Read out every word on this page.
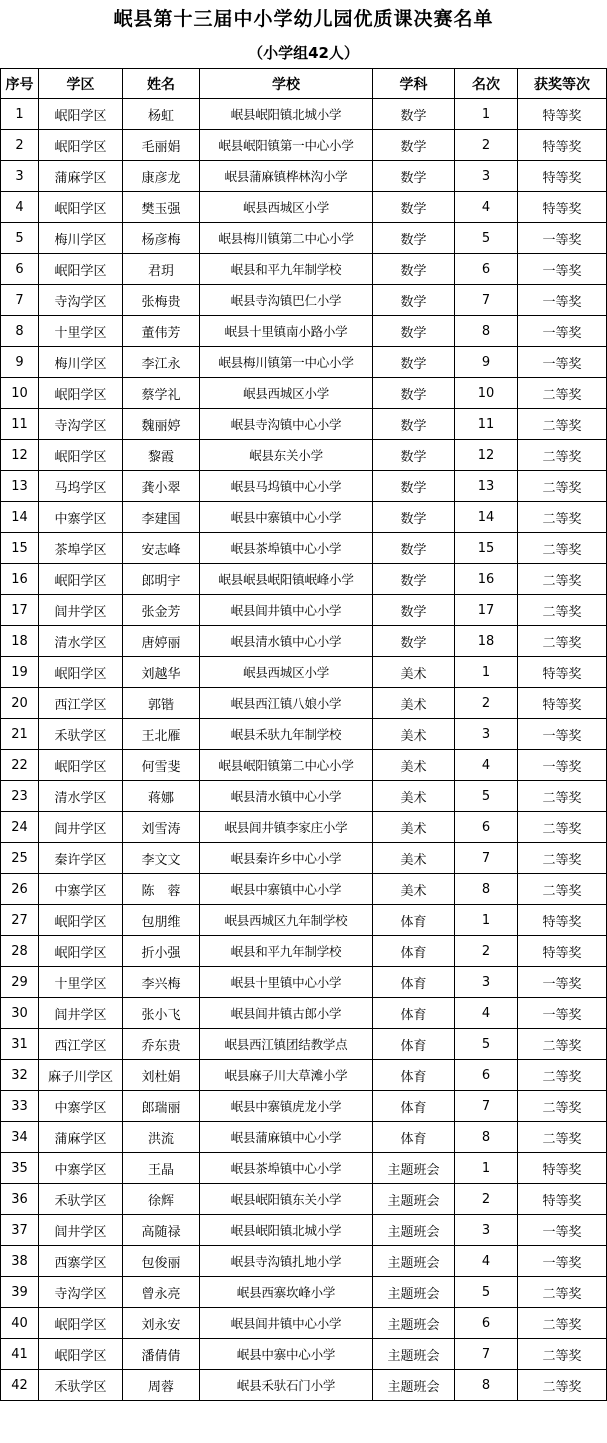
岷县第十三届中小学幼儿园优质课决赛名单
（小学组42人）
序号	学区	姓名	学校	学科	名次	获奖等次
1	岷阳学区	杨虹	岷县岷阳镇北城小学	数学	1	特等奖
2	岷阳学区	毛丽娟	岷县岷阳镇第一中心小学	数学	2	特等奖
3	蒲麻学区	康彦龙	岷县蒲麻镇桦林沟小学	数学	3	特等奖
4	岷阳学区	樊玉强	岷县西城区小学	数学	4	特等奖
5	梅川学区	杨彦梅	岷县梅川镇第二中心小学	数学	5	一等奖
6	岷阳学区	君玥	岷县和平九年制学校	数学	6	一等奖
7	寺沟学区	张梅贵	岷县寺沟镇巴仁小学	数学	7	一等奖
8	十里学区	董伟芳	岷县十里镇南小路小学	数学	8	一等奖
9	梅川学区	李江永	岷县梅川镇第一中心小学	数学	9	一等奖
10	岷阳学区	蔡学礼	岷县西城区小学	数学	10	二等奖
11	寺沟学区	魏丽婷	岷县寺沟镇中心小学	数学	11	二等奖
12	岷阳学区	黎霞	岷县东关小学	数学	12	二等奖
13	马坞学区	龚小翠	岷县马坞镇中心小学	数学	13	二等奖
14	中寨学区	李建国	岷县中寨镇中心小学	数学	14	二等奖
15	茶埠学区	安志峰	岷县茶埠镇中心小学	数学	15	二等奖
16	岷阳学区	郎明宇	岷县岷县岷阳镇岷峰小学	数学	16	二等奖
17	闾井学区	张金芳	岷县闾井镇中心小学	数学	17	二等奖
18	清水学区	唐婷丽	岷县清水镇中心小学	数学	18	二等奖
19	岷阳学区	刘越华	岷县西城区小学	美术	1	特等奖
20	西江学区	郭锴	岷县西江镇八娘小学	美术	2	特等奖
21	禾驮学区	王北雁	岷县禾驮九年制学校	美术	3	一等奖
22	岷阳学区	何雪斐	岷县岷阳镇第二中心小学	美术	4	一等奖
23	清水学区	蒋娜	岷县清水镇中心小学	美术	5	二等奖
24	闾井学区	刘雪涛	岷县闾井镇李家庄小学	美术	6	二等奖
25	秦许学区	李文文	岷县秦许乡中心小学	美术	7	二等奖
26	中寨学区	陈　蓉	岷县中寨镇中心小学	美术	8	二等奖
27	岷阳学区	包朋维	岷县西城区九年制学校	体育	1	特等奖
28	岷阳学区	折小强	岷县和平九年制学校	体育	2	特等奖
29	十里学区	李兴梅	岷县十里镇中心小学	体育	3	一等奖
30	闾井学区	张小飞	岷县闾井镇古郎小学	体育	4	一等奖
31	西江学区	乔东贵	岷县西江镇团结教学点	体育	5	二等奖
32	麻子川学区	刘杜娟	岷县麻子川大草滩小学	体育	6	二等奖
33	中寨学区	郎瑞丽	岷县中寨镇虎龙小学	体育	7	二等奖
34	蒲麻学区	洪流	岷县蒲麻镇中心小学	体育	8	二等奖
35	中寨学区	王晶	岷县茶埠镇中心小学	主题班会	1	特等奖
36	禾驮学区	徐辉	岷县岷阳镇东关小学	主题班会	2	特等奖
37	闾井学区	高随禄	岷县岷阳镇北城小学	主题班会	3	一等奖
38	西寨学区	包俊丽	岷县寺沟镇扎地小学	主题班会	4	一等奖
39	寺沟学区	曾永亮	岷县西寨坎峰小学	主题班会	5	二等奖
40	岷阳学区	刘永安	岷县闾井镇中心小学	主题班会	6	二等奖
41	岷阳学区	潘倩倩	岷县中寨中心小学	主题班会	7	二等奖
42	禾驮学区	周蓉	岷县禾驮石门小学	主题班会	8	二等奖
